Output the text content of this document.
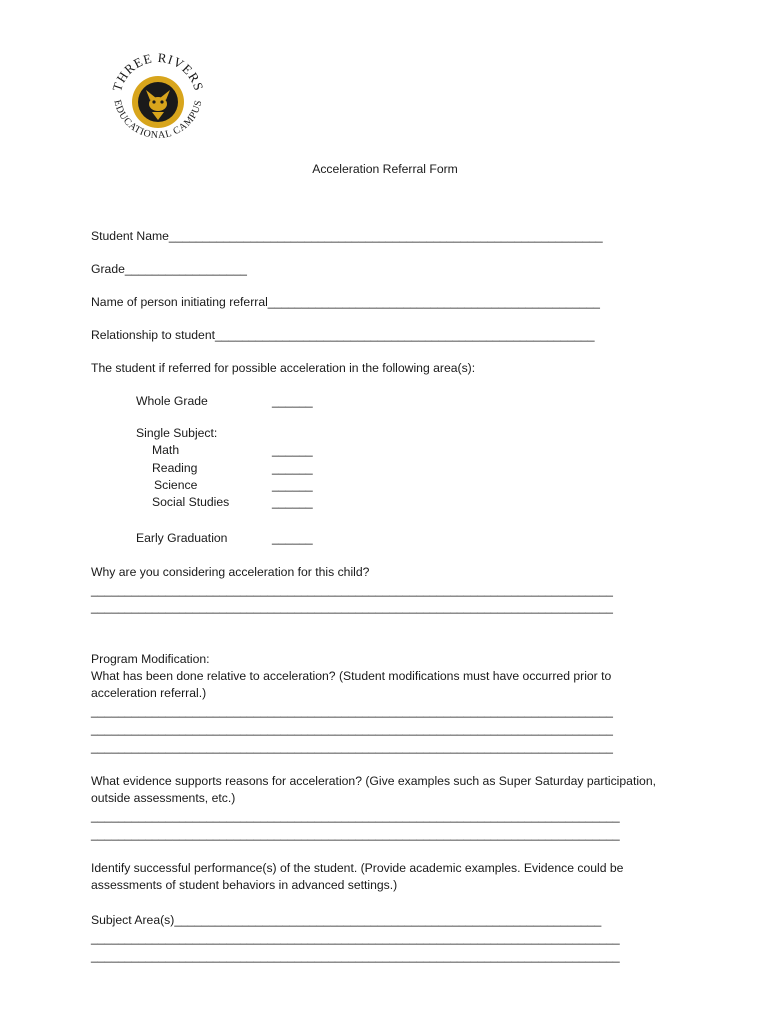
THREE RIVERS
EDUCATIONAL CAMPUS
Acceleration Referral Form
Student Name________________________________________________________________
Grade__________________
Name of person initiating referral_________________________________________________
Relationship to student________________________________________________________
The student if referred for possible acceleration in the following area(s):
Whole Grade	______
Single Subject:
Math	______
Reading	______
Science	______
Social Studies	______
Early Graduation	______
Why are you considering acceleration for this child?
_____________________________________________________________________________
_____________________________________________________________________________
Program Modification:
What has been done relative to acceleration? (Student modifications must have occurred prior to
acceleration referral.)
_____________________________________________________________________________
_____________________________________________________________________________
_____________________________________________________________________________
What evidence supports reasons for acceleration? (Give examples such as Super Saturday participation,
outside assessments, etc.)
______________________________________________________________________________
______________________________________________________________________________
Identify successful performance(s) of the student. (Provide academic examples. Evidence could be
assessments of student behaviors in advanced settings.)
Subject Area(s)_______________________________________________________________
______________________________________________________________________________
______________________________________________________________________________
